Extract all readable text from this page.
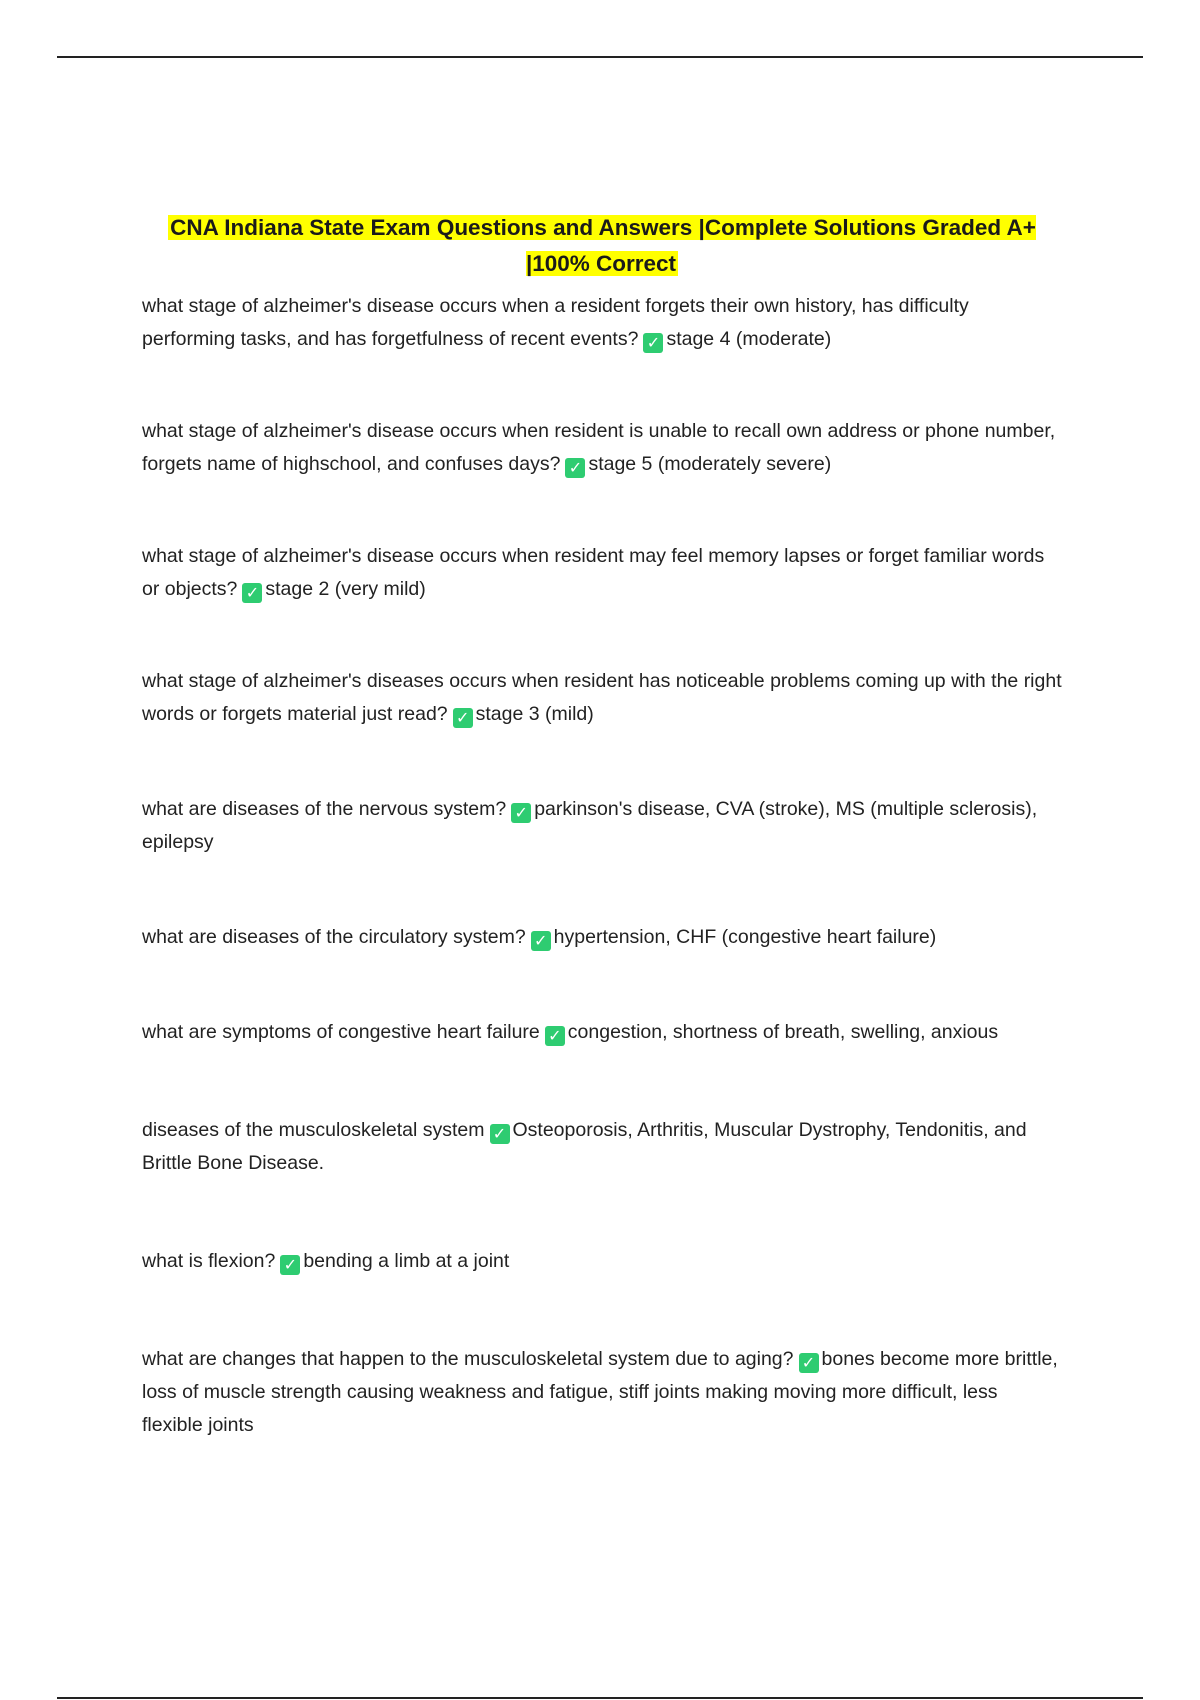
CNA Indiana State Exam Questions and Answers |Complete Solutions Graded A+ |100% Correct
what stage of alzheimer's disease occurs when a resident forgets their own history, has difficulty performing tasks, and has forgetfulness of recent events? ✓ stage 4 (moderate)
what stage of alzheimer's disease occurs when resident is unable to recall own address or phone number, forgets name of highschool, and confuses days? ✓ stage 5 (moderately severe)
what stage of alzheimer's disease occurs when resident may feel memory lapses or forget familiar words or objects? ✓ stage 2 (very mild)
what stage of alzheimer's diseases occurs when resident has noticeable problems coming up with the right words or forgets material just read? ✓ stage 3 (mild)
what are diseases of the nervous system? ✓ parkinson's disease, CVA (stroke), MS (multiple sclerosis), epilepsy
what are diseases of the circulatory system? ✓ hypertension, CHF (congestive heart failure)
what are symptoms of congestive heart failure ✓ congestion, shortness of breath, swelling, anxious
diseases of the musculoskeletal system ✓ Osteoporosis, Arthritis, Muscular Dystrophy, Tendonitis, and Brittle Bone Disease.
what is flexion? ✓ bending a limb at a joint
what are changes that happen to the musculoskeletal system due to aging? ✓ bones become more brittle, loss of muscle strength causing weakness and fatigue, stiff joints making moving more difficult, less flexible joints
